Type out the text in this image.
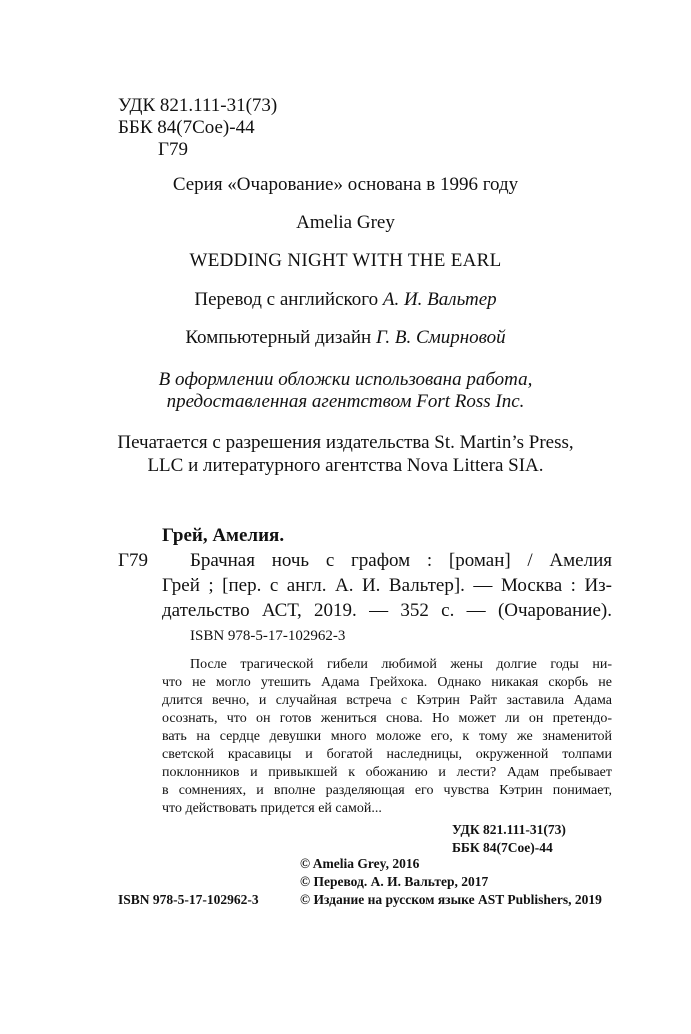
УДК 821.111-31(73)
ББК 84(7Сое)-44
Г79
Серия «Очарование» основана в 1996 году
Amelia Grey
WEDDING NIGHT WITH THE EARL
Перевод с английского А. И. Вальтер
Компьютерный дизайн Г. В. Смирновой
В оформлении обложки использована работа,
предоставленная агентством Fort Ross Inc.
Печатается с разрешения издательства St. Martin’s Press,
LLC и литературного агентства Nova Littera SIA.
Грей, Амелия.
Г79 Брачная ночь с графом : [роман] / Амелия
Грей ; [пер. с англ. А. И. Вальтер]. — Москва : Из-
дательство АСТ, 2019. — 352 с. — (Очарование).
ISBN 978-5-17-102962-3
После трагической гибели любимой жены долгие годы ни-
что не могло утешить Адама Грейхока. Однако никакая скорбь не
длится вечно, и случайная встреча с Кэтрин Райт заставила Адама
осознать, что он готов жениться снова. Но может ли он претендо-
вать на сердце девушки много моложе его, к тому же знаменитой
светской красавицы и богатой наследницы, окруженной толпами
поклонников и привыкшей к обожанию и лести? Адам пребывает
в сомнениях, и вполне разделяющая его чувства Кэтрин понимает,
что действовать придется ей самой...
УДК 821.111-31(73)
ББК 84(7Сое)-44
© Amelia Grey, 2016
© Перевод. А. И. Вальтер, 2017
© Издание на русском языке AST Publishers, 2019
ISBN 978-5-17-102962-3
